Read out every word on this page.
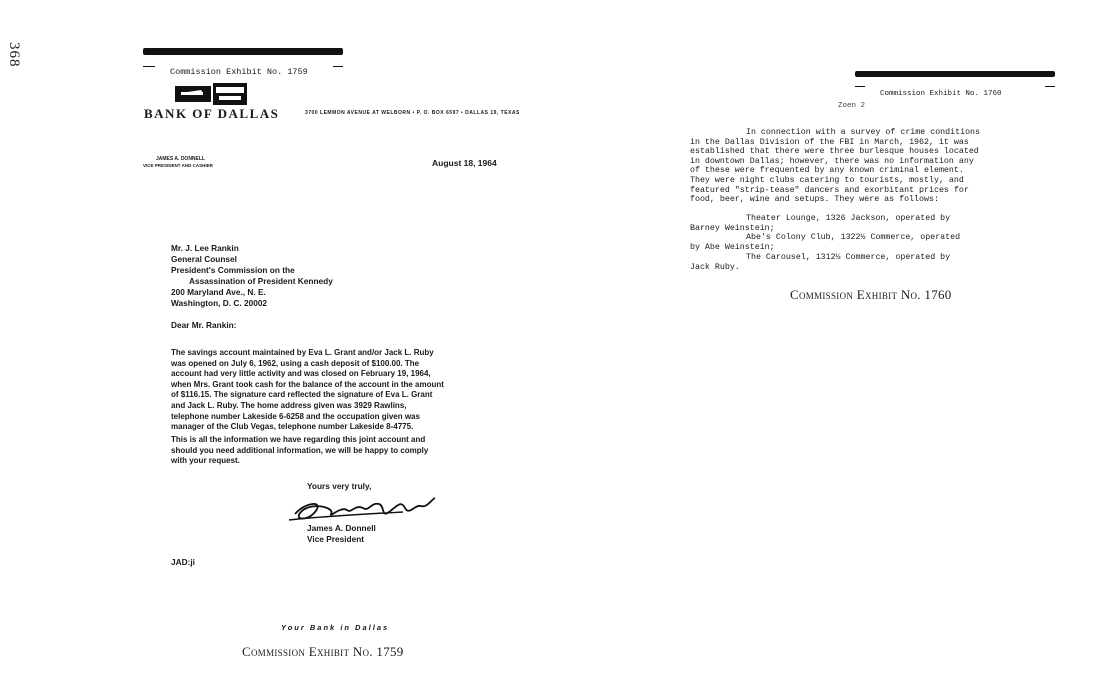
368
Commission Exhibit No. 1759
BANK OF DALLAS	3700 LEMMON AVENUE AT WELBORN • P. O. BOX 6597 • DALLAS 19, TEXAS
JAMES A. DONNELL
VICE PRESIDENT AND CASHIER	August 18, 1964
Mr. J. Lee Rankin
General Counsel
President's Commission on the
Assassination of President Kennedy
200 Maryland Ave., N. E.
Washington, D. C. 20002
Dear Mr. Rankin:
The savings account maintained by Eva L. Grant and/or Jack L. Ruby
was opened on July 6, 1962, using a cash deposit of $100.00. The
account had very little activity and was closed on February 19, 1964,
when Mrs. Grant took cash for the balance of the account in the amount
of $116.15. The signature card reflected the signature of Eva L. Grant
and Jack L. Ruby. The home address given was 3929 Rawlins,
telephone number Lakeside 6-6258 and the occupation given was
manager of the Club Vegas, telephone number Lakeside 8-4775.
This is all the information we have regarding this joint account and
should you need additional information, we will be happy to comply
with your request.
Yours very truly,
James A. Donnell
Vice President
JAD:ji
Your Bank in Dallas
Commission Exhibit No. 1759
Commission Exhibit No. 1760
Zoen 2
In connection with a survey of crime conditions
in the Dallas Division of the FBI in March, 1962, it was
established that there were three burlesque houses located
in downtown Dallas; however, there was no information any
of these were frequented by any known criminal element.
They were night clubs catering to tourists, mostly, and
featured "strip-tease" dancers and exorbitant prices for
food, beer, wine and setups. They were as follows:
Theater Lounge, 1326 Jackson, operated by
Barney Weinstein;
Abe's Colony Club, 1322½ Commerce, operated
by Abe Weinstein;
The Carousel, 1312½ Commerce, operated by
Jack Ruby.
Commission Exhibit No. 1760
